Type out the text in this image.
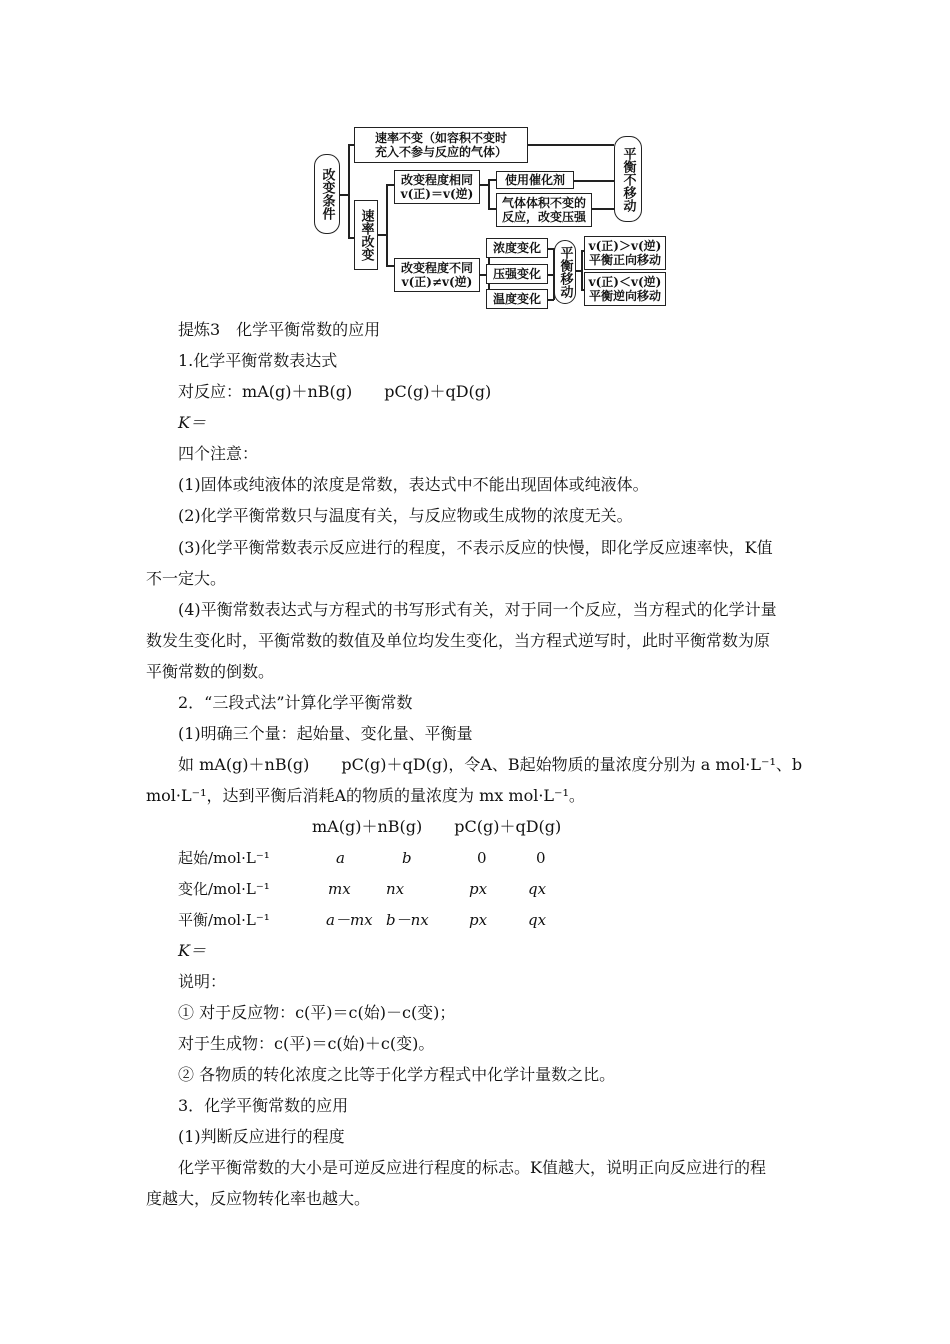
改变条件
速率不变（如容积不变时
充入不参与反应的气体）
速率改变
改变程度相同
v(正)＝v(逆)
使用催化剂
气体体积不变的
反应，改变压强
平衡不移动
改变程度不同
v(正)≠v(逆)
浓度变化
压强变化
温度变化
平衡移动	v(正)＞v(逆)
平衡正向移动
v(正)＜v(逆)
平衡逆向移动
提炼3　化学平衡常数的应用
1.化学平衡常数表达式
对反应：mA(g)＋nB(g)　　pC(g)＋qD(g)
K＝
四个注意：
(1)固体或纯液体的浓度是常数，表达式中不能出现固体或纯液体。
(2)化学平衡常数只与温度有关，与反应物或生成物的浓度无关。
(3)化学平衡常数表示反应进行的程度，不表示反应的快慢，即化学反应速率快，K值
不一定大。
(4)平衡常数表达式与方程式的书写形式有关，对于同一个反应，当方程式的化学计量
数发生变化时，平衡常数的数值及单位均发生变化，当方程式逆写时，此时平衡常数为原
平衡常数的倒数。
2．“三段式法”计算化学平衡常数
(1)明确三个量：起始量、变化量、平衡量
如 mA(g)＋nB(g)　　pC(g)＋qD(g)，令A、B起始物质的量浓度分别为 a mol·L⁻¹、b
mol·L⁻¹，达到平衡后消耗A的物质的量浓度为 mx mol·L⁻¹。
mA(g)＋nB(g)　　pC(g)＋qD(g)
起始/mol·L⁻¹	a	b	0	0
变化/mol·L⁻¹	mx nx	px	qx
平衡/mol·L⁻¹	a－mx b－nx	px	qx
K＝
说明：
① 对于反应物：c(平)＝c(始)－c(变)；
对于生成物：c(平)＝c(始)＋c(变)。
② 各物质的转化浓度之比等于化学方程式中化学计量数之比。
3．化学平衡常数的应用
(1)判断反应进行的程度
化学平衡常数的大小是可逆反应进行程度的标志。K值越大，说明正向反应进行的程
度越大，反应物转化率也越大。
